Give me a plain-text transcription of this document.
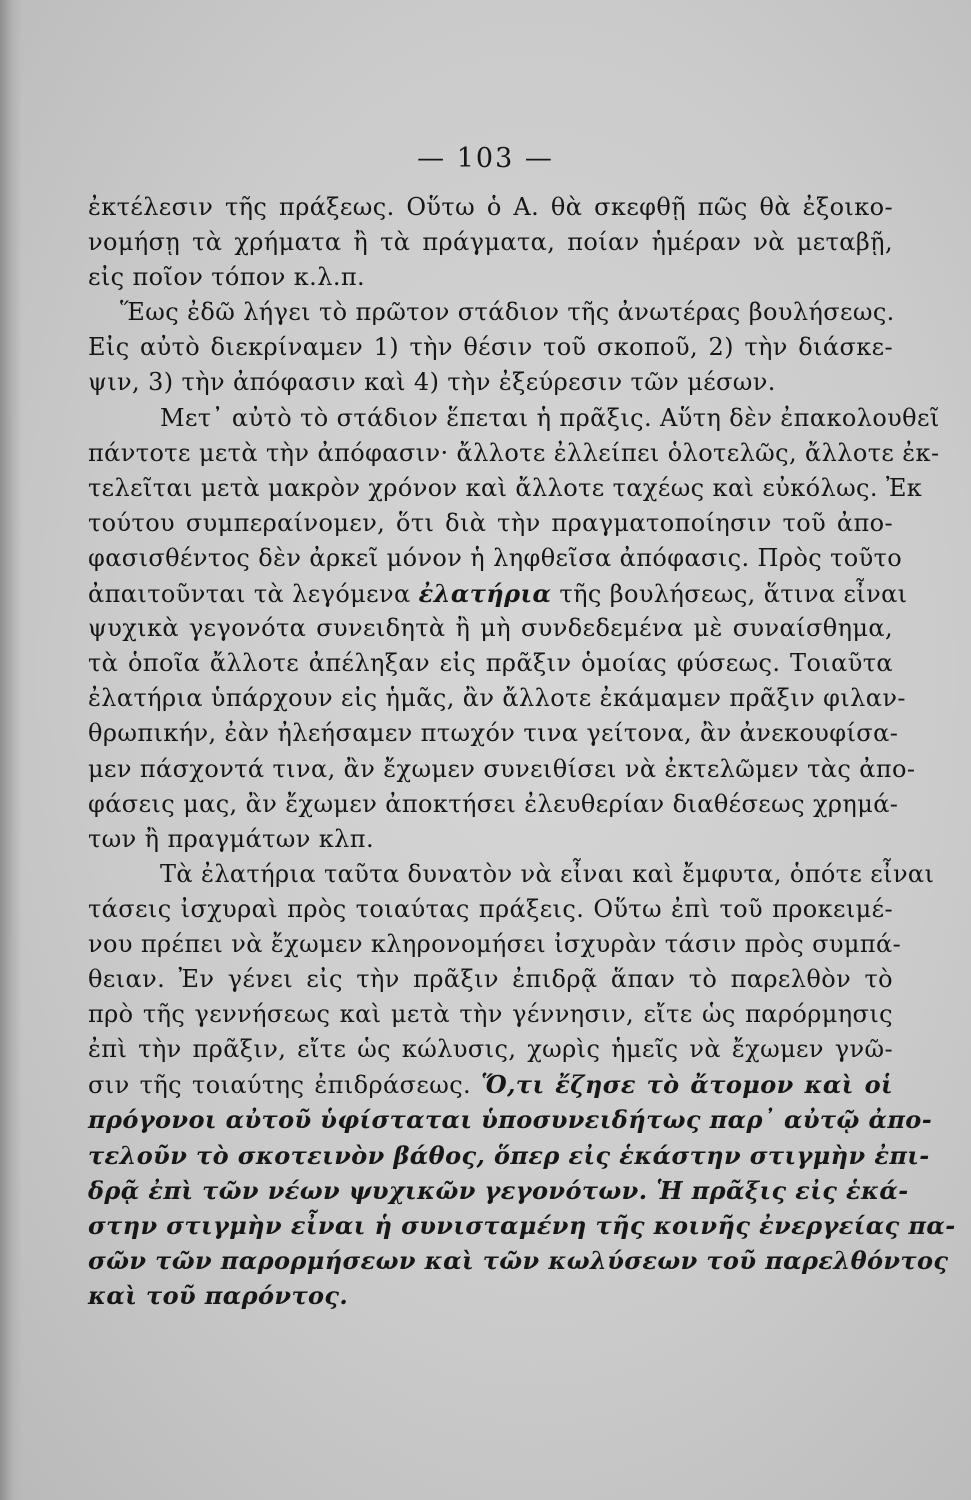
— 103 —
ἐκτέλεσιν τῆς πράξεως. Οὕτω ὁ Α. θὰ σκεφθῇ πῶς θὰ ἐξοικο-
νομήσῃ τὰ χρήματα ἢ τὰ πράγματα, ποίαν ἡμέραν νὰ μεταβῇ,
εἰς ποῖον τόπον κ.λ.π.
Ἕως ἐδῶ λήγει τὸ πρῶτον στάδιον τῆς ἀνωτέρας βουλήσεως.
Εἰς αὐτὸ διεκρίναμεν 1) τὴν θέσιν τοῦ σκοποῦ, 2) τὴν διάσκε-
ψιν, 3) τὴν ἀπόφασιν καὶ 4) τὴν ἐξεύρεσιν τῶν μέσων.
Μετ᾽ αὐτὸ τὸ στάδιον ἕπεται ἡ πρᾶξις. Αὕτη δὲν ἐπακολουθεῖ
πάντοτε μετὰ τὴν ἀπόφασιν· ἄλλοτε ἐλλείπει ὁλοτελῶς, ἄλλοτε ἐκ-
τελεῖται μετὰ μακρὸν χρόνον καὶ ἄλλοτε ταχέως καὶ εὐκόλως. Ἐκ
τούτου συμπεραίνομεν, ὅτι διὰ τὴν πραγματοποίησιν τοῦ ἀπο-
φασισθέντος δὲν ἀρκεῖ μόνον ἡ ληφθεῖσα ἀπόφασις. Πρὸς τοῦτο
ἀπαιτοῦνται τὰ λεγόμενα ἐλατήρια τῆς βουλήσεως, ἅτινα εἶναι
ψυχικὰ γεγονότα συνειδητὰ ἢ μὴ συνδεδεμένα μὲ συναίσθημα,
τὰ ὁποῖα ἄλλοτε ἀπέληξαν εἰς πρᾶξιν ὁμοίας φύσεως. Τοιαῦτα
ἐλατήρια ὑπάρχουν εἰς ἡμᾶς, ἂν ἄλλοτε ἐκάμαμεν πρᾶξιν φιλαν-
θρωπικήν, ἐὰν ἠλεήσαμεν πτωχόν τινα γείτονα, ἂν ἀνεκουφίσα-
μεν πάσχοντά τινα, ἂν ἔχωμεν συνειθίσει νὰ ἐκτελῶμεν τὰς ἀπο-
φάσεις μας, ἂν ἔχωμεν ἀποκτήσει ἐλευθερίαν διαθέσεως χρημά-
των ἢ πραγμάτων κλπ.
Τὰ ἐλατήρια ταῦτα δυνατὸν νὰ εἶναι καὶ ἔμφυτα, ὁπότε εἶναι
τάσεις ἰσχυραὶ πρὸς τοιαύτας πράξεις. Οὕτω ἐπὶ τοῦ προκειμέ-
νου πρέπει νὰ ἔχωμεν κληρονομήσει ἰσχυρὰν τάσιν πρὸς συμπά-
θειαν. Ἐν γένει εἰς τὴν πρᾶξιν ἐπιδρᾷ ἅπαν τὸ παρελθὸν τὸ
πρὸ τῆς γεννήσεως καὶ μετὰ τὴν γέννησιν, εἴτε ὡς παρόρμησις
ἐπὶ τὴν πρᾶξιν, εἴτε ὡς κώλυσις, χωρὶς ἡμεῖς νὰ ἔχωμεν γνῶ-
σιν τῆς τοιαύτης ἐπιδράσεως. Ὅ,τι ἔζησε τὸ ἄτομον καὶ οἱ
πρόγονοι αὐτοῦ ὑφίσταται ὑποσυνειδήτως παρ᾽ αὐτῷ ἀπο-
τελοῦν τὸ σκοτεινὸν βάθος, ὅπερ εἰς ἑκάστην στιγμὴν ἐπι-
δρᾷ ἐπὶ τῶν νέων ψυχικῶν γεγονότων. Ἡ πρᾶξις εἰς ἑκά-
στην στιγμὴν εἶναι ἡ συνισταμένη τῆς κοινῆς ἐνεργείας πα-
σῶν τῶν παρορμήσεων καὶ τῶν κωλύσεων τοῦ παρελθόντος
καὶ τοῦ παρόντος.
